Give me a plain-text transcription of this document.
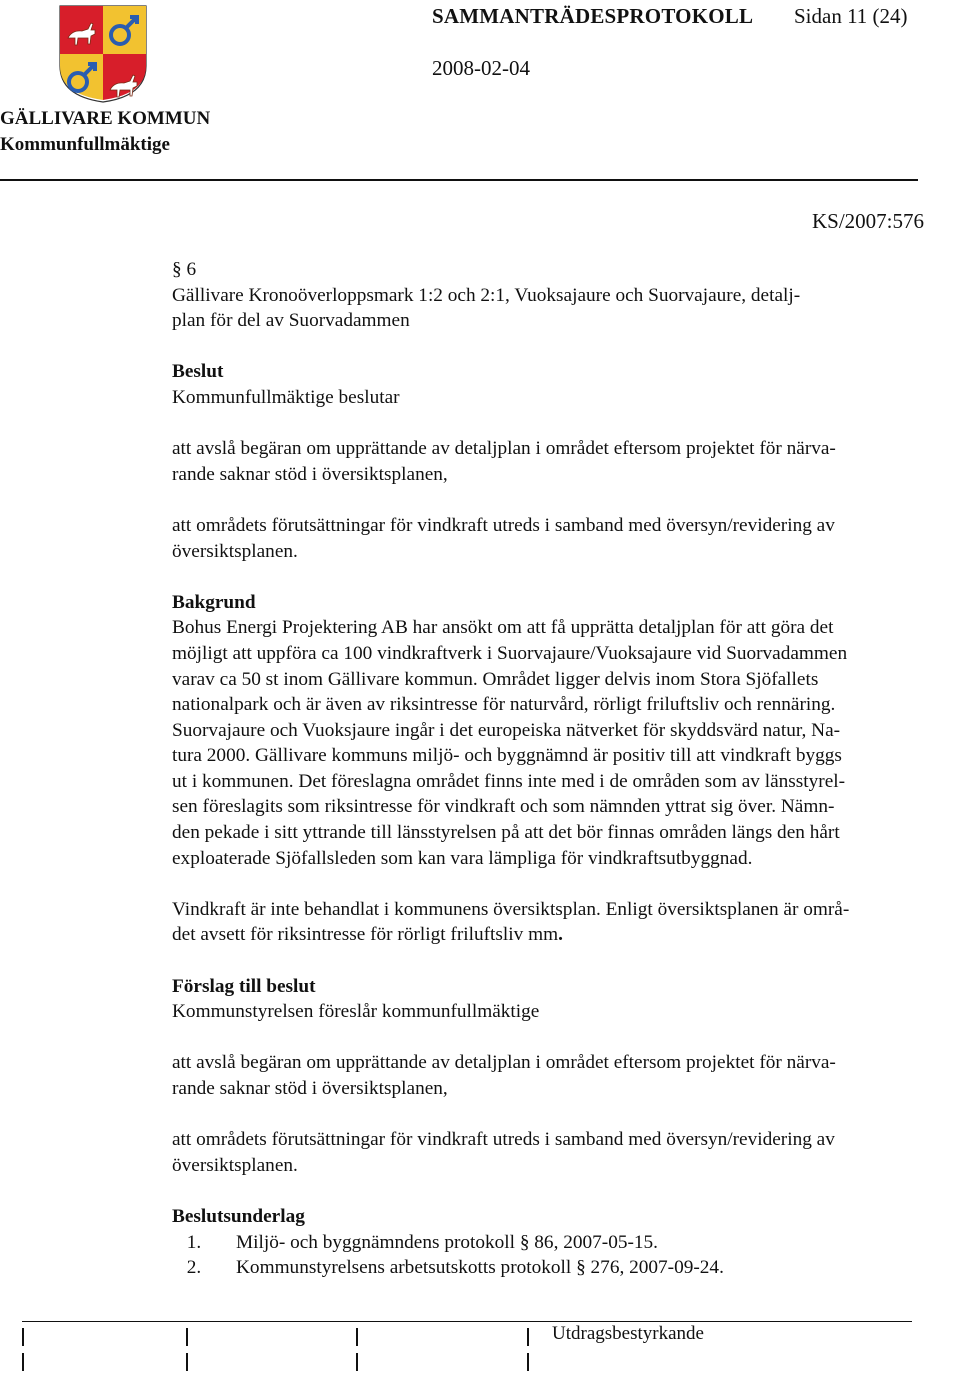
SAMMANTRÄDESPROTOKOLL Sidan 11 (24)
2008-02-04
GÄLLIVARE KOMMUN
Kommunfullmäktige
KS/2007:576

§ 6

Gällivare Kronoöverloppsmark 1:2 och 2:1, Vuoksajaure och Suorvajaure, detalj-

plan för del av Suorvadammen

Beslut

Kommunfullmäktige beslutar

att avslå begäran om upprättande av detaljplan i området eftersom projektet för närva-

rande saknar stöd i översiktsplanen,

att områdets förutsättningar för vindkraft utreds i samband med översyn/revidering av

översiktsplanen.

Bakgrund

Bohus Energi Projektering AB har ansökt om att få upprätta detaljplan för att göra det

möjligt att uppföra ca 100 vindkraftverk i Suorvajaure/Vuoksajaure vid Suorvadammen

varav ca 50 st inom Gällivare kommun. Området ligger delvis inom Stora Sjöfallets

nationalpark och är även av riksintresse för naturvård, rörligt friluftsliv och rennäring.

Suorvajaure och Vuoksjaure ingår i det europeiska nätverket för skyddsvärd natur, Na-

tura 2000. Gällivare kommuns miljö- och byggnämnd är positiv till att vindkraft byggs

ut i kommunen. Det föreslagna området finns inte med i de områden som av länsstyrel-

sen föreslagits som riksintresse för vindkraft och som nämnden yttrat sig över. Nämn-

den pekade i sitt yttrande till länsstyrelsen på att det bör finnas områden längs den hårt

exploaterade Sjöfallsleden som kan vara lämpliga för vindkraftsutbyggnad.

Vindkraft är inte behandlat i kommunens översiktsplan. Enligt översiktsplanen är områ-

det avsett för riksintresse för rörligt friluftsliv mm.

Förslag till beslut

Kommunstyrelsen föreslår kommunfullmäktige

att avslå begäran om upprättande av detaljplan i området eftersom projektet för närva-

rande saknar stöd i översiktsplanen,

att områdets förutsättningar för vindkraft utreds i samband med översyn/revidering av

översiktsplanen.

Beslutsunderlag

1. Miljö- och byggnämndens protokoll § 86, 2007-05-15.
2. Kommunstyrelsens arbetsutskotts protokoll § 276, 2007-09-24.
Utdragsbestyrkande
